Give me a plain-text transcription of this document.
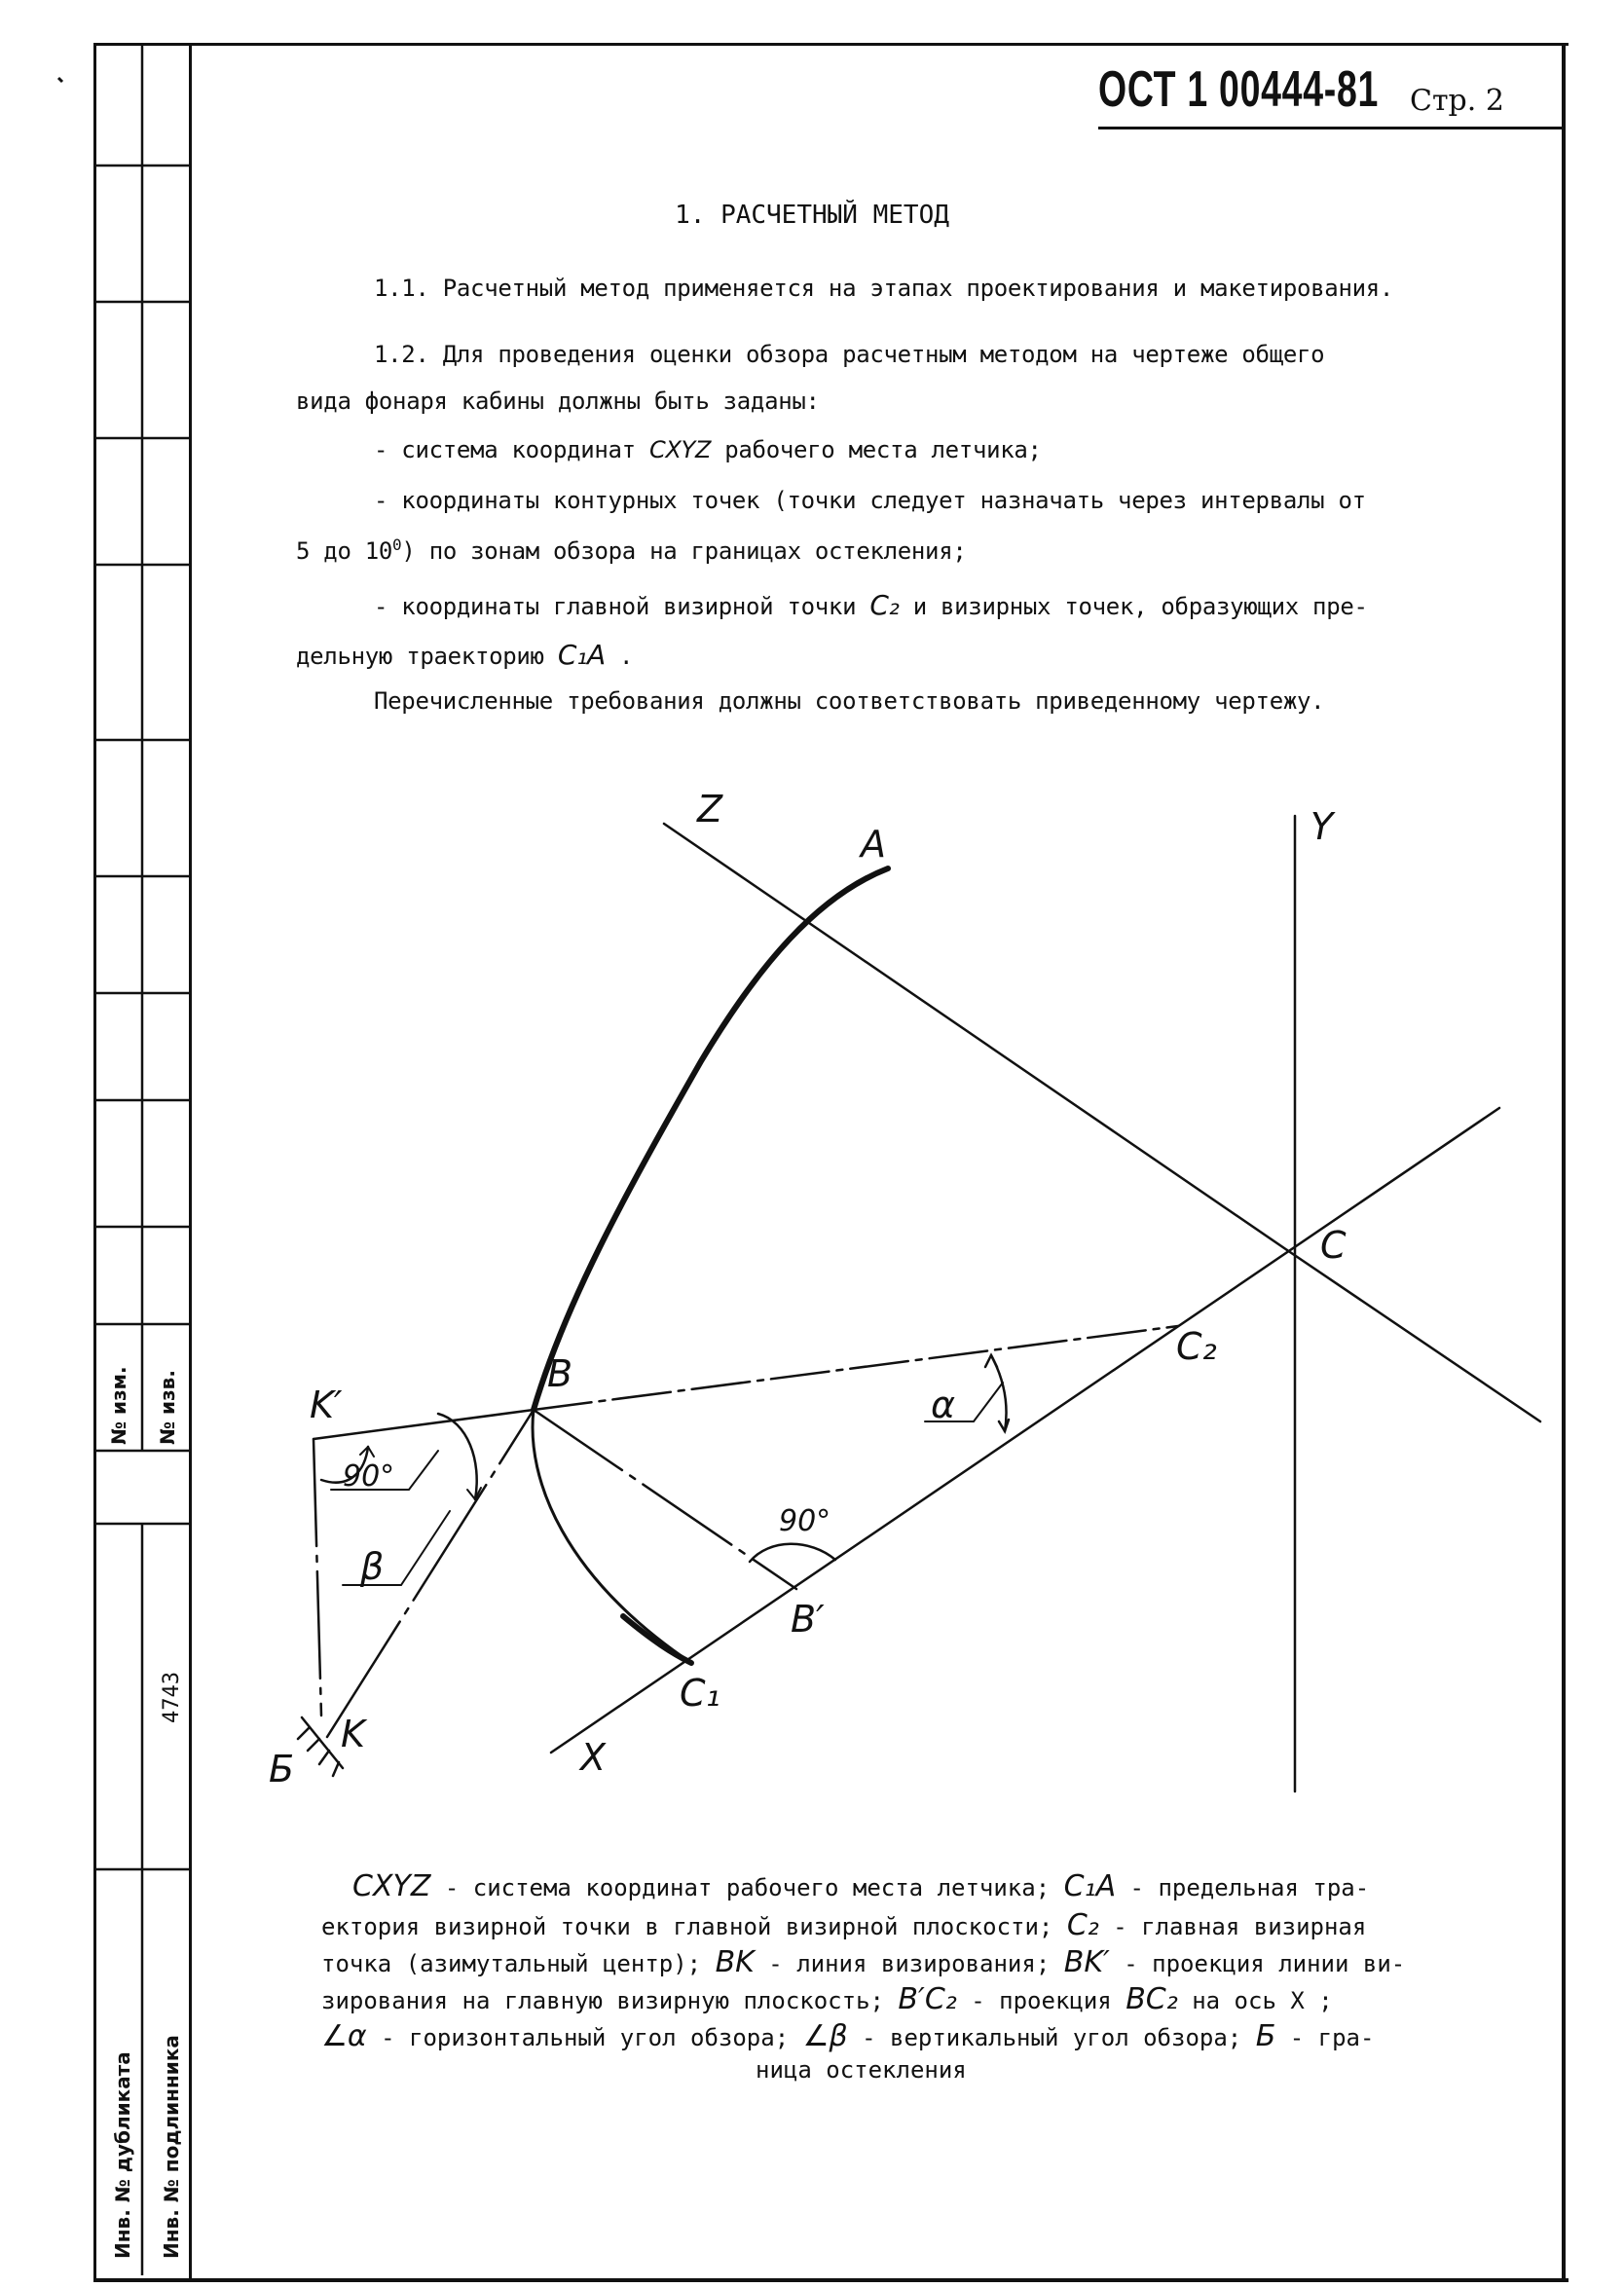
№ изм. № изв.
4743
Инв. № дубликата Инв. № подлинника
ОСТ 1 00444-81 Стр. 2
1. РАСЧЕТНЫЙ МЕТОД
1.1. Расчетный метод применяется на этапах проектирования и макетирования.
1.2. Для проведения оценки обзора расчетным методом на чертеже общего
вида фонаря кабины должны быть заданы:
- система координат CXYZ рабочего места летчика;
- координаты контурных точек (точки следует назначать через интервалы от
5 до $10^0$) по зонам обзора на границах остекления;
- координаты главной визирной точки C₂ и визирных точек, образующих пре-
дельную траекторию C₁A .
Перечисленные требования должны соответствовать приведенному чертежу.
Z	Y
A
C
C₂
B
K′	α
90°
90°
β
B′
C₁
K
Б	X
CXYZ - система координат рабочего места летчика; C₁A - предельная тра-
ектория визирной точки в главной визирной плоскости; C₂ - главная визирная
точка (азимутальный центр); BK - линия визирования; BK′ - проекция линии ви-
зирования на главную визирную плоскость; B′C₂ - проекция BC₂ на ось X ;
∠α - горизонтальный угол обзора; ∠β - вертикальный угол обзора; Б - гра-
ница остекления
